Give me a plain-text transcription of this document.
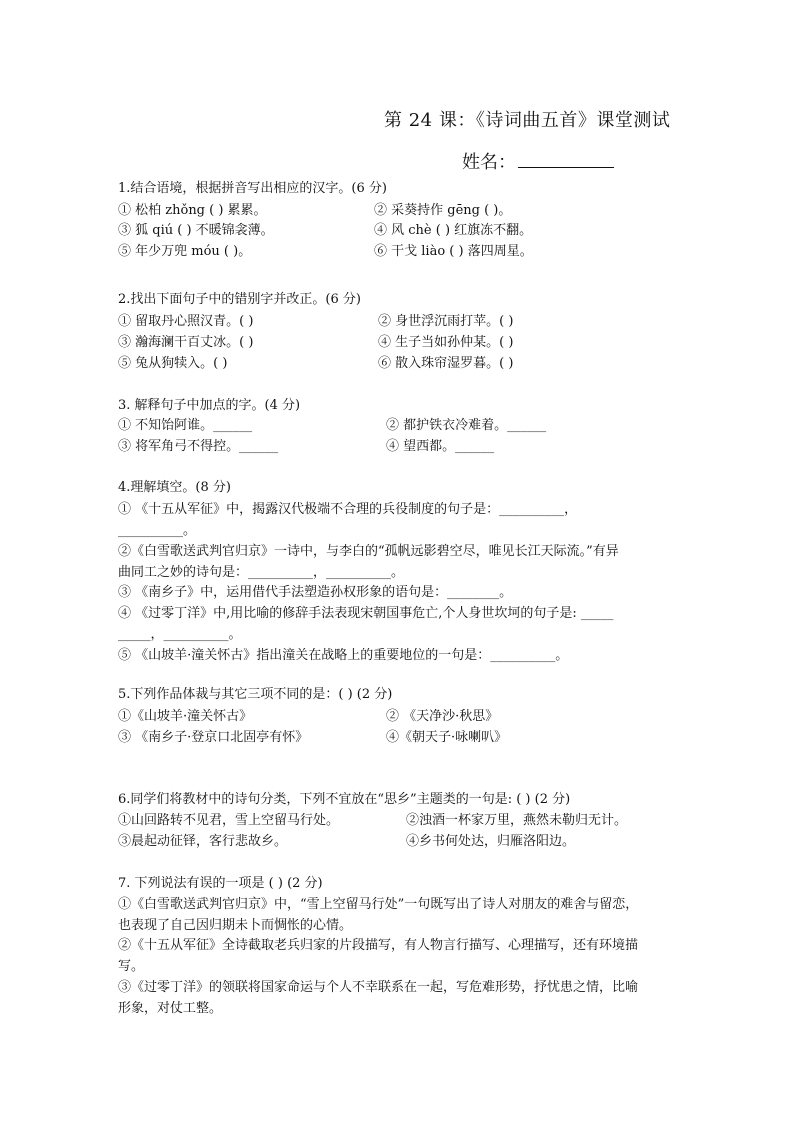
第 24 课：《诗词曲五首》课堂测试
姓名：
1.结合语境，根据拼音写出相应的汉字。(6 分)
① 松柏 zhǒng ( ) 累累。	② 采葵持作 gēng ( )。
③ 狐 qiú ( ) 不暖锦衾薄。	④ 风 chè ( ) 红旗冻不翻。
⑤ 年少万兜 móu ( )。	⑥ 干戈 liào ( ) 落四周星。
2.找出下面句子中的错别字并改正。(6 分)
① 留取丹心照汉青。( )	② 身世浮沉雨打苹。( )
③ 瀚海澜干百丈冰。( )	④ 生子当如孙仲某。( )
⑤ 兔从狗犊入。( )	⑥ 散入珠帘湿罗暮。( )
3. 解释句子中加点的字。(4 分)
① 不知饴阿谁。______	② 都护铁衣冷难着。______
③ 将军角弓不得控。______	④ 望西都。______
4.理解填空。(8 分)
① 《十五从军征》中，揭露汉代极端不合理的兵役制度的句子是：__________，
__________。
②《白雪歌送武判官归京》一诗中，与李白的“孤帆远影碧空尽，唯见长江天际流。”有异
曲同工之妙的诗句是：__________，__________。
③ 《南乡子》中，运用借代手法塑造孙权形象的语句是：________。
④ 《过零丁洋》中,用比喻的修辞手法表现宋朝国事危亡,个人身世坎坷的句子是: _____
_____，__________。
⑤ 《山坡羊·潼关怀古》指出潼关在战略上的重要地位的一句是：__________。
5.下列作品体裁与其它三项不同的是：( ) (2 分)
①《山坡羊·潼关怀古》	② 《天净沙·秋思》
③ 《南乡子·登京口北固亭有怀》	④《朝天子·咏喇叭》
6.同学们将教材中的诗句分类，下列不宜放在“思乡”主题类的一句是: ( ) (2 分)
①山回路转不见君，雪上空留马行处。	②浊酒一杯家万里，燕然未勒归无计。
③晨起动征铎，客行悲故乡。	④乡书何处达，归雁洛阳边。
7. 下列说法有误的一项是 ( ) (2 分)
①《白雪歌送武判官归京》中，“雪上空留马行处”一句既写出了诗人对朋友的难舍与留恋，
也表现了自己因归期未卜而惆怅的心情。
②《十五从军征》全诗截取老兵归家的片段描写，有人物言行描写、心理描写，还有环境描
写。
③《过零丁洋》的领联将国家命运与个人不幸联系在一起，写危难形势，抒忧患之情，比喻
形象，对仗工整。
